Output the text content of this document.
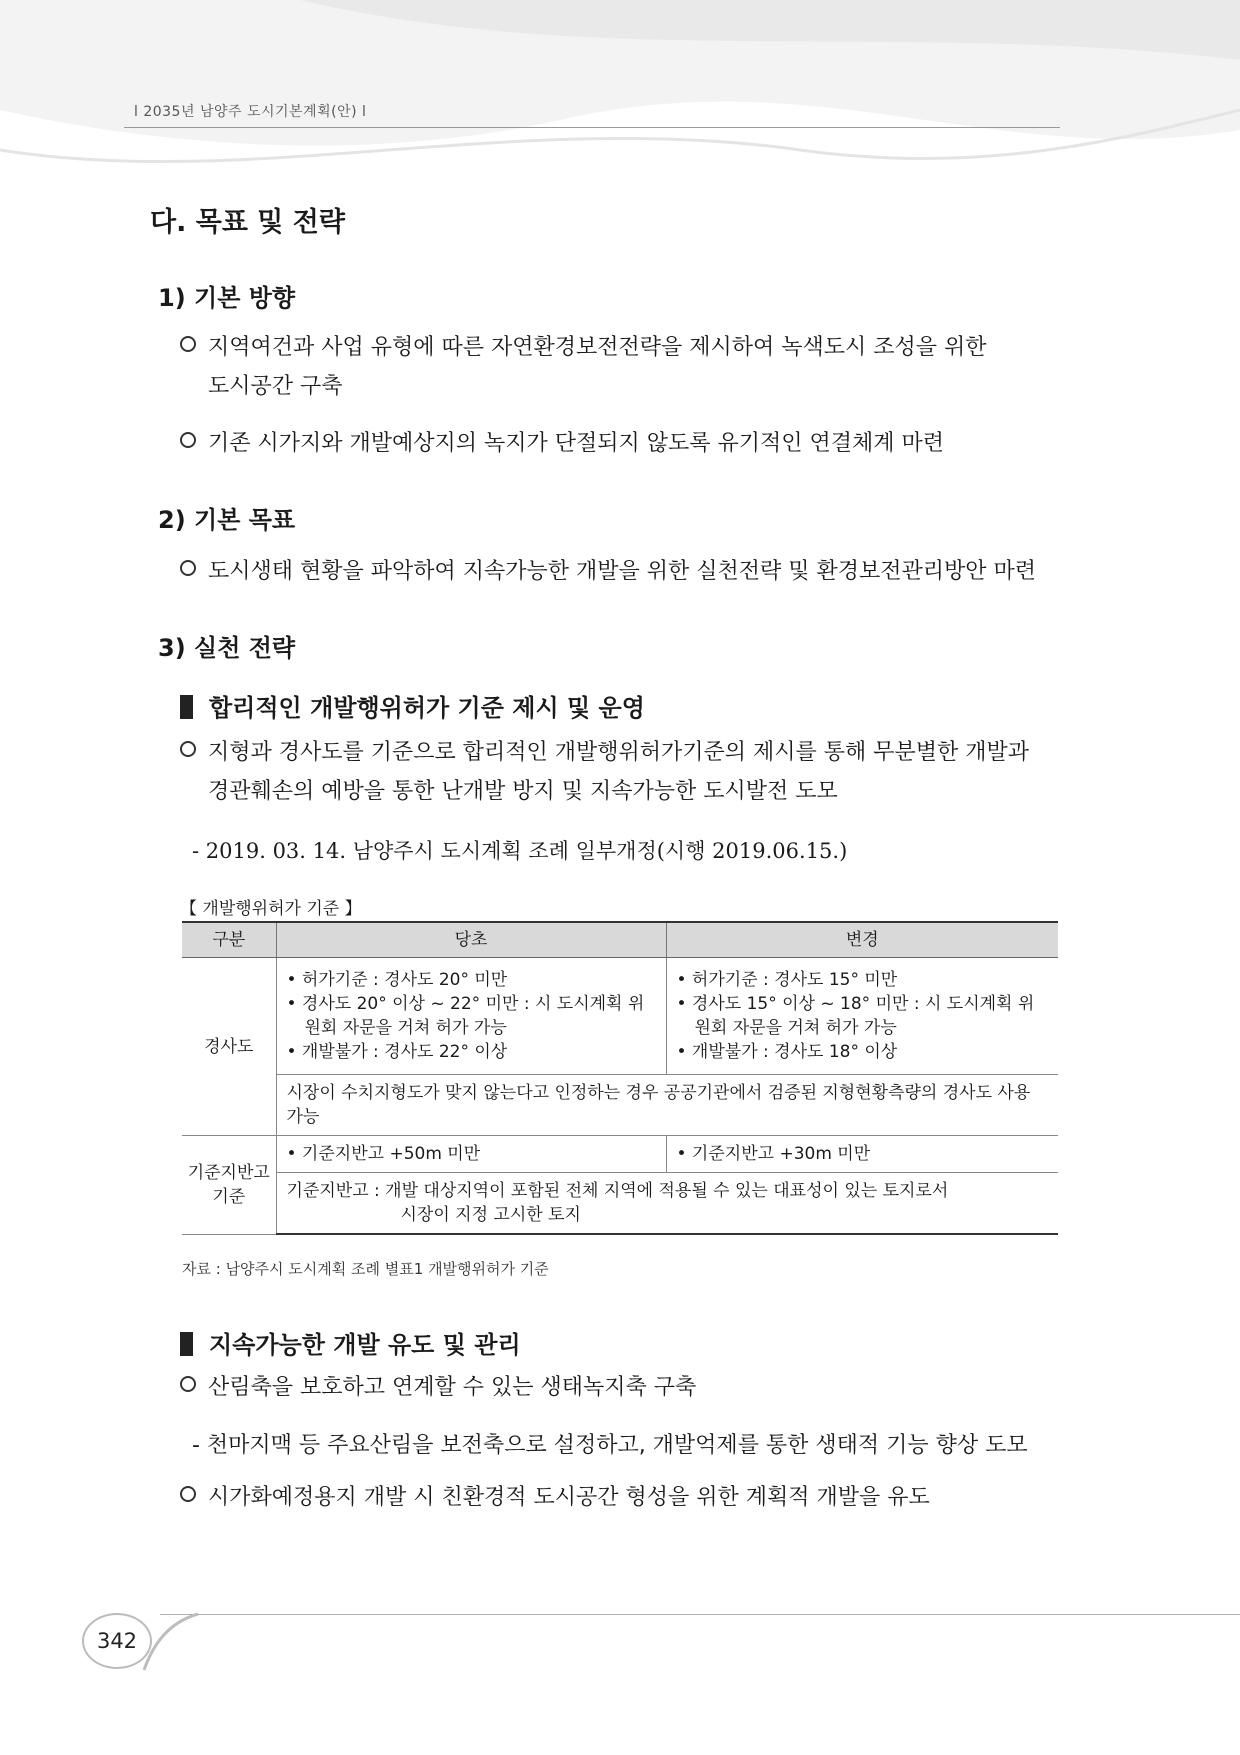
l 2035년 남양주 도시기본계획(안) l
다. 목표 및 전략
1) 기본 방향
지역여건과 사업 유형에 따른 자연환경보전전략을 제시하여 녹색도시 조성을 위한
도시공간 구축
기존 시가지와 개발예상지의 녹지가 단절되지 않도록 유기적인 연결체계 마련
2) 기본 목표
도시생태 현황을 파악하여 지속가능한 개발을 위한 실천전략 및 환경보전관리방안 마련
3) 실천 전략
합리적인 개발행위허가 기준 제시 및 운영
지형과 경사도를 기준으로 합리적인 개발행위허가기준의 제시를 통해 무분별한 개발과
경관훼손의 예방을 통한 난개발 방지 및 지속가능한 도시발전 도모
- 2019. 03. 14. 남양주시 도시계획 조례 일부개정(시행 2019.06.15.)
【 개발행위허가 기준 】
구분	당초	변경
경사도	• 허가기준 : 경사도 20° 미만
• 경사도 20° 이상 ~ 22° 미만 : 시 도시계획 위원회 자문을 거쳐 허가 가능
• 개발불가 : 경사도 22° 이상	• 허가기준 : 경사도 15° 미만
• 경사도 15° 이상 ~ 18° 미만 : 시 도시계획 위원회 자문을 거쳐 허가 가능
• 개발불가 : 경사도 18° 이상

	시장이 수치지형도가 맞지 않는다고 인정하는 경우 공공기관에서 검증된 지형현황측량의 경사도 사용 가능	
기준지반고
기준	• 기준지반고 +50m 미만	• 기준지반고 +30m 미만
	기준지반고 : 개발 대상지역이 포함된 전체 지역에 적용될 수 있는 대표성이 있는 토지로서
시장이 지정 고시한 토지	
자료 : 남양주시 도시계획 조례 별표1 개발행위허가 기준
지속가능한 개발 유도 및 관리
산림축을 보호하고 연계할 수 있는 생태녹지축 구축
- 천마지맥 등 주요산림을 보전축으로 설정하고, 개발억제를 통한 생태적 기능 향상 도모
시가화예정용지 개발 시 친환경적 도시공간 형성을 위한 계획적 개발을 유도
342
